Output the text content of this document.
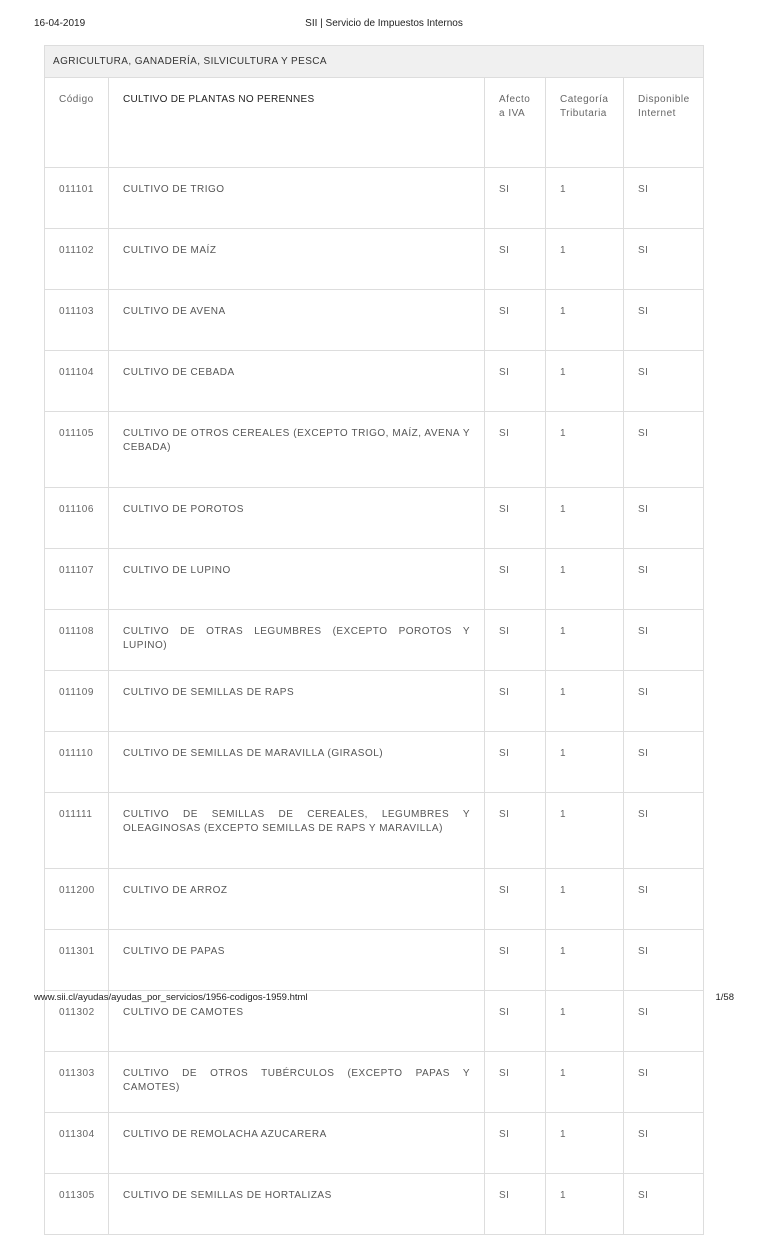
16-04-2019	SII | Servicio de Impuestos Internos
AGRICULTURA, GANADERÍA, SILVICULTURA Y PESCA				
Código	CULTIVO DE PLANTAS NO PERENNES	Afecto a IVA	Categoría Tributaria	Disponible Internet
011101	CULTIVO DE TRIGO	SI	1	SI
011102	CULTIVO DE MAÍZ	SI	1	SI
011103	CULTIVO DE AVENA	SI	1	SI
011104	CULTIVO DE CEBADA	SI	1	SI
011105	CULTIVO DE OTROS CEREALES (EXCEPTO TRIGO, MAÍZ, AVENA Y CEBADA)	SI	1	SI
011106	CULTIVO DE POROTOS	SI	1	SI
011107	CULTIVO DE LUPINO	SI	1	SI
011108	CULTIVO DE OTRAS LEGUMBRES (EXCEPTO POROTOS Y LUPINO)	SI	1	SI
011109	CULTIVO DE SEMILLAS DE RAPS	SI	1	SI
011110	CULTIVO DE SEMILLAS DE MARAVILLA (GIRASOL)	SI	1	SI
011111	CULTIVO DE SEMILLAS DE CEREALES, LEGUMBRES Y OLEAGINOSAS (EXCEPTO SEMILLAS DE RAPS Y MARAVILLA)	SI	1	SI
011200	CULTIVO DE ARROZ	SI	1	SI
011301	CULTIVO DE PAPAS	SI	1	SI
011302	CULTIVO DE CAMOTES	SI	1	SI
011303	CULTIVO DE OTROS TUBÉRCULOS (EXCEPTO PAPAS Y CAMOTES)	SI	1	SI
011304	CULTIVO DE REMOLACHA AZUCARERA	SI	1	SI
011305	CULTIVO DE SEMILLAS DE HORTALIZAS	SI	1	SI
www.sii.cl/ayudas/ayudas_por_servicios/1956-codigos-1959.html	1/58
